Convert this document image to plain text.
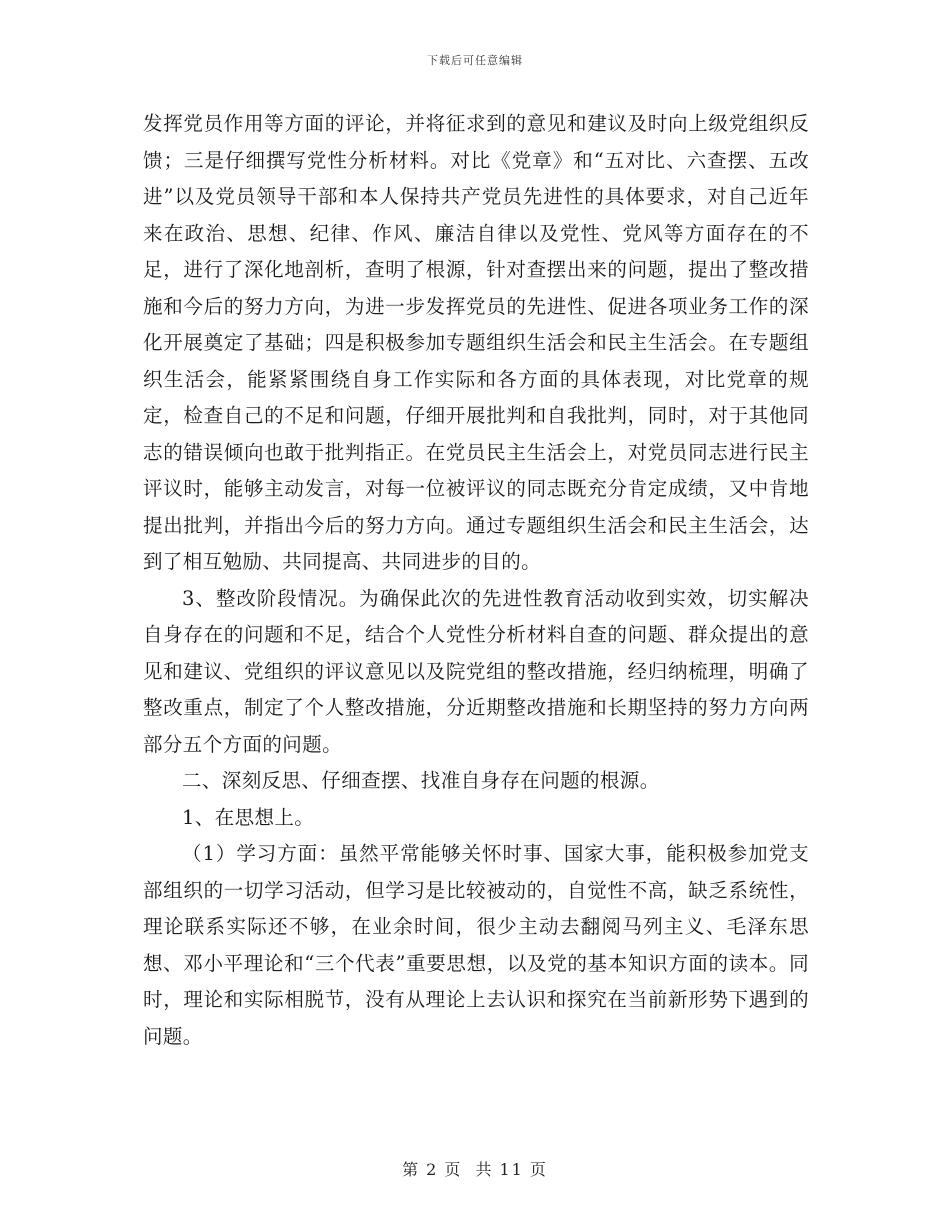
下载后可任意编辑

发挥党员作用等方面的评论，并将征求到的意见和建议及时向上级党组织反馈；三是仔细撰写党性分析材料。对比《党章》和“五对比、六查摆、五改进”以及党员领导干部和本人保持共产党员先进性的具体要求，对自己近年来在政治、思想、纪律、作风、廉洁自律以及党性、党风等方面存在的不足，进行了深化地剖析，查明了根源，针对查摆出来的问题，提出了整改措施和今后的努力方向，为进一步发挥党员的先进性、促进各项业务工作的深化开展奠定了基础；四是积极参加专题组织生活会和民主生活会。在专题组织生活会，能紧紧围绕自身工作实际和各方面的具体表现，对比党章的规定，检查自己的不足和问题，仔细开展批判和自我批判，同时，对于其他同志的错误倾向也敢于批判指正。在党员民主生活会上，对党员同志进行民主评议时，能够主动发言，对每一位被评议的同志既充分肯定成绩，又中肯地提出批判，并指出今后的努力方向。通过专题组织生活会和民主生活会，达到了相互勉励、共同提高、共同进步的目的。

3、整改阶段情况。为确保此次的先进性教育活动收到实效，切实解决自身存在的问题和不足，结合个人党性分析材料自查的问题、群众提出的意见和建议、党组织的评议意见以及院党组的整改措施，经归纳梳理，明确了整改重点，制定了个人整改措施，分近期整改措施和长期坚持的努力方向两部分五个方面的问题。

二、深刻反思、仔细查摆、找准自身存在问题的根源。

1、在思想上。

（1）学习方面：虽然平常能够关怀时事、国家大事，能积极参加党支部组织的一切学习活动，但学习是比较被动的，自觉性不高，缺乏系统性，理论联系实际还不够，在业余时间，很少主动去翻阅马列主义、毛泽东思想、邓小平理论和“三个代表”重要思想，以及党的基本知识方面的读本。同时，理论和实际相脱节，没有从理论上去认识和探究在当前新形势下遇到的问题。

第 2 页 共 11 页
